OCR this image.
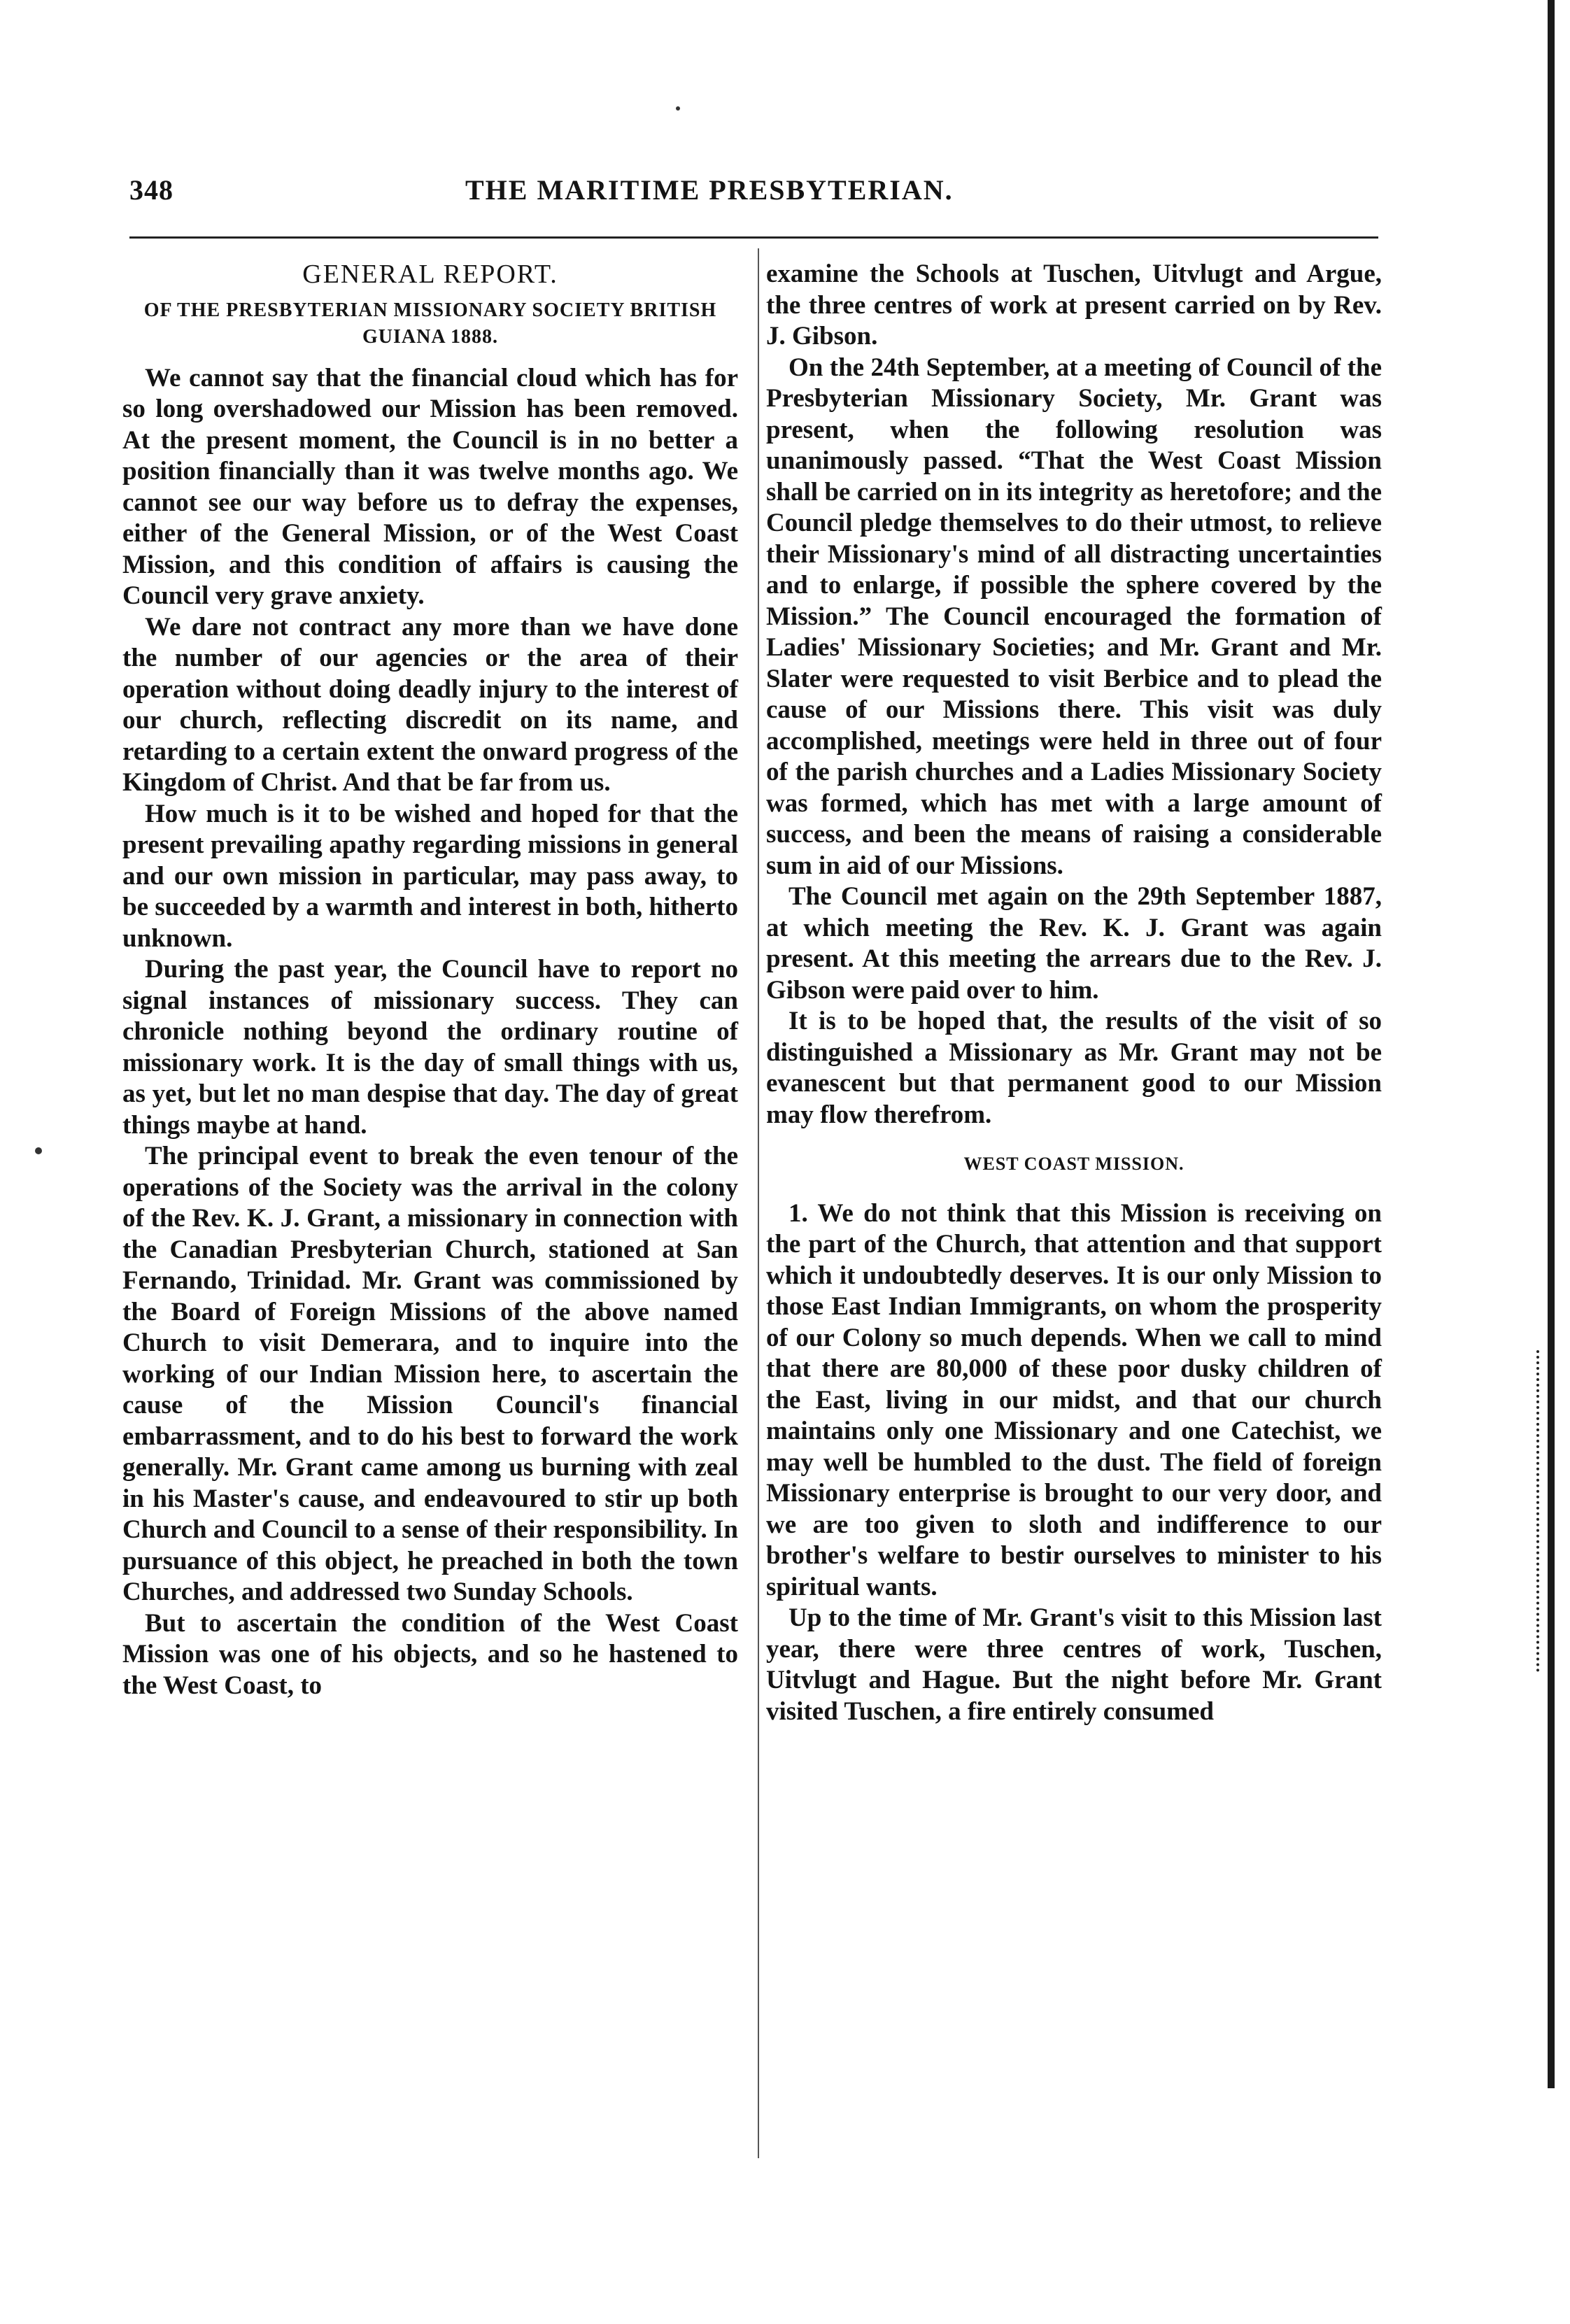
348	THE MARITIME PRESBYTERIAN.
GENERAL REPORT.
OF THE PRESBYTERIAN MISSIONARY SOCIETY BRITISH GUIANA 1888.

We cannot say that the financial cloud which has for so long overshadowed our Mission has been removed. At the present moment, the Council is in no better a position financially than it was twelve months ago. We cannot see our way before us to defray the expenses, either of the General Mission, or of the West Coast Mission, and this condition of affairs is causing the Council very grave anxiety.

We dare not contract any more than we have done the number of our agencies or the area of their operation without doing deadly injury to the interest of our church, reflecting discredit on its name, and retarding to a certain extent the onward progress of the Kingdom of Christ. And that be far from us.

How much is it to be wished and hoped for that the present prevailing apathy regarding missions in general and our own mission in particular, may pass away, to be succeeded by a warmth and interest in both, hitherto unknown.

During the past year, the Council have to report no signal instances of missionary success. They can chronicle nothing beyond the ordinary routine of missionary work. It is the day of small things with us, as yet, but let no man despise that day. The day of great things maybe at hand.

The principal event to break the even tenour of the operations of the Society was the arrival in the colony of the Rev. K. J. Grant, a missionary in connection with the Canadian Presbyterian Church, stationed at San Fernando, Trinidad. Mr. Grant was commissioned by the Board of Foreign Missions of the above named Church to visit Demerara, and to inquire into the working of our Indian Mission here, to ascertain the cause of the Mission Council's financial embarrassment, and to do his best to forward the work generally. Mr. Grant came among us burning with zeal in his Master's cause, and endeavoured to stir up both Church and Council to a sense of their responsibility. In pursuance of this object, he preached in both the town Churches, and addressed two Sunday Schools.

But to ascertain the condition of the West Coast Mission was one of his objects, and so he hastened to the West Coast, to

examine the Schools at Tuschen, Uitvlugt and Argue, the three centres of work at present carried on by Rev. J. Gibson.

On the 24th September, at a meeting of Council of the Presbyterian Missionary Society, Mr. Grant was present, when the following resolution was unanimously passed. “That the West Coast Mission shall be carried on in its integrity as heretofore; and the Council pledge themselves to do their utmost, to relieve their Missionary's mind of all distracting uncertainties and to enlarge, if possible the sphere covered by the Mission.” The Council encouraged the formation of Ladies' Missionary Societies; and Mr. Grant and Mr. Slater were requested to visit Berbice and to plead the cause of our Missions there. This visit was duly accomplished, meetings were held in three out of four of the parish churches and a Ladies Missionary Society was formed, which has met with a large amount of success, and been the means of raising a considerable sum in aid of our Missions.

The Council met again on the 29th September 1887, at which meeting the Rev. K. J. Grant was again present. At this meeting the arrears due to the Rev. J. Gibson were paid over to him.

It is to be hoped that, the results of the visit of so distinguished a Missionary as Mr. Grant may not be evanescent but that permanent good to our Mission may flow therefrom.

WEST COAST MISSION.

1. We do not think that this Mission is receiving on the part of the Church, that attention and that support which it undoubtedly deserves. It is our only Mission to those East Indian Immigrants, on whom the prosperity of our Colony so much depends. When we call to mind that there are 80,000 of these poor dusky children of the East, living in our midst, and that our church maintains only one Missionary and one Catechist, we may well be humbled to the dust. The field of foreign Missionary enterprise is brought to our very door, and we are too given to sloth and indifference to our brother's welfare to bestir ourselves to minister to his spiritual wants.

Up to the time of Mr. Grant's visit to this Mission last year, there were three centres of work, Tuschen, Uitvlugt and Hague. But the night before Mr. Grant visited Tuschen, a fire entirely consumed
